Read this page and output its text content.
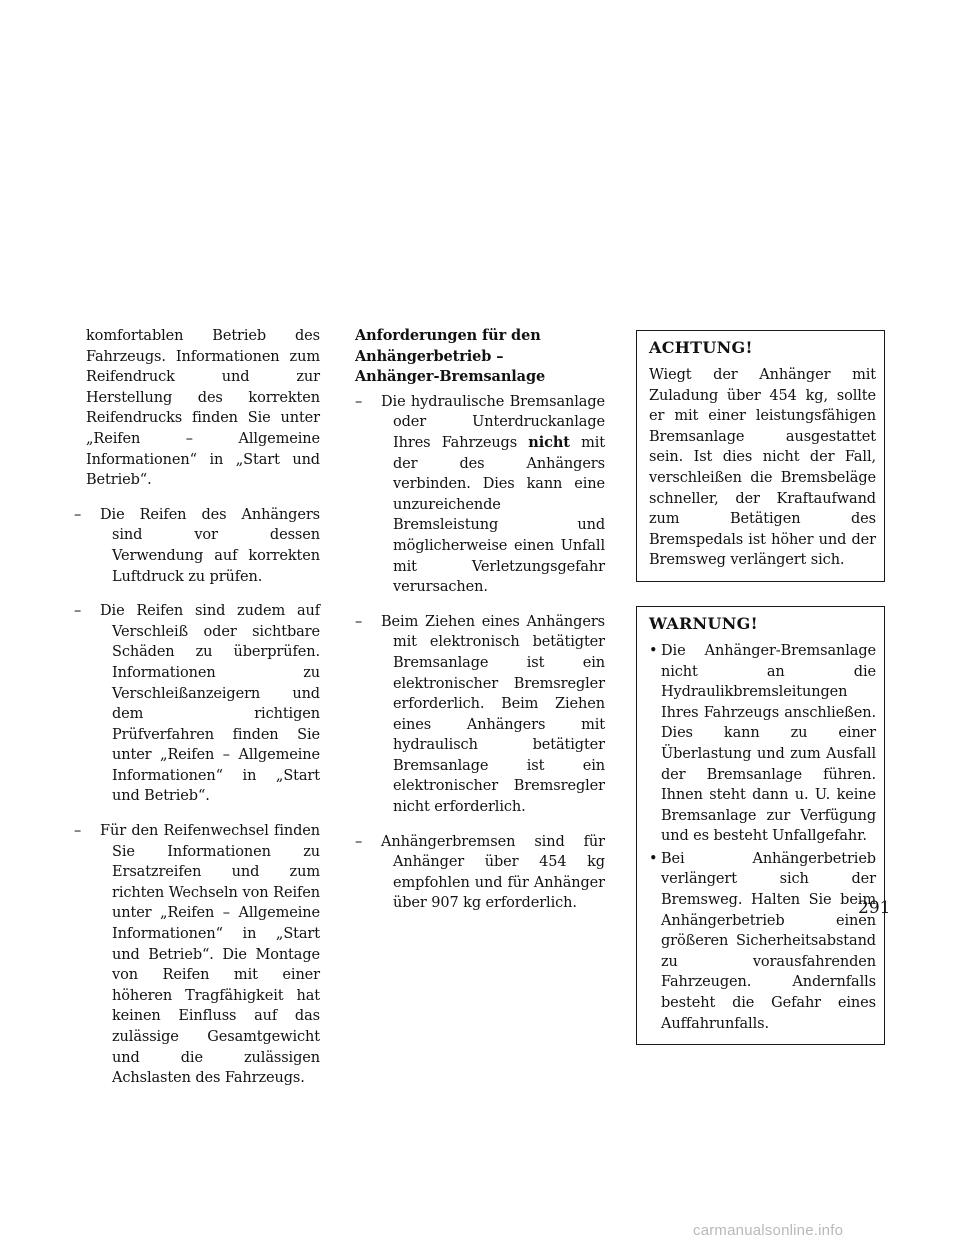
komfortablen Betrieb des Fahrzeugs. Informationen zum Reifendruck und zur Herstellung des korrekten Reifendrucks finden Sie unter „Reifen – Allgemeine Informationen“ in „Start und Betrieb“.

– Die Reifen des Anhängers sind vor dessen Verwendung auf korrekten Luftdruck zu prüfen.
– Die Reifen sind zudem auf Verschleiß oder sichtbare Schäden zu überprüfen. Informationen zu Verschleißanzeigern und dem richtigen Prüfverfahren finden Sie unter „Reifen – Allgemeine Informationen“ in „Start und Betrieb“.
– Für den Reifenwechsel finden Sie Informationen zu Ersatzreifen und zum richten Wechseln von Reifen unter „Reifen – Allgemeine Informationen“ in „Start und Betrieb“. Die Montage von Reifen mit einer höheren Tragfähigkeit hat keinen Einfluss auf das zulässige Gesamtgewicht und die zulässigen Achslasten des Fahrzeugs.
Anforderungen für den
Anhängerbetrieb –
Anhänger-Bremsanlage
– Die hydraulische Bremsanlage oder Unterdruckanlage Ihres Fahrzeugs nicht mit der des Anhängers verbinden. Dies kann eine unzureichende Bremsleistung und möglicherweise einen Unfall mit Verletzungsgefahr verursachen.
– Beim Ziehen eines Anhängers mit elektronisch betätigter Bremsanlage ist ein elektronischer Bremsregler erforderlich. Beim Ziehen eines Anhängers mit hydraulisch betätigter Bremsanlage ist ein elektronischer Bremsregler nicht erforderlich.
– Anhängerbremsen sind für Anhänger über 454 kg empfohlen und für Anhänger über 907 kg erforderlich.
ACHTUNG!

Wiegt der Anhänger mit Zuladung über 454 kg, sollte er mit einer leistungsfähigen Bremsanlage ausgestattet sein. Ist dies nicht der Fall, verschleißen die Bremsbeläge schneller, der Kraftaufwand zum Betätigen des Bremspedals ist höher und der Bremsweg verlängert sich.

WARNUNG!
• Die Anhänger-Bremsanlage nicht an die Hydraulikbremsleitungen Ihres Fahrzeugs anschließen. Dies kann zu einer Überlastung und zum Ausfall der Bremsanlage führen. Ihnen steht dann u. U. keine Bremsanlage zur Verfügung und es besteht Unfallgefahr.
• Bei Anhängerbetrieb verlängert sich der Bremsweg. Halten Sie beim Anhängerbetrieb einen größeren Sicherheitsabstand zu vorausfahrenden Fahrzeugen. Andernfalls besteht die Gefahr eines Auffahrunfalls.
291
carmanualsonline.info
